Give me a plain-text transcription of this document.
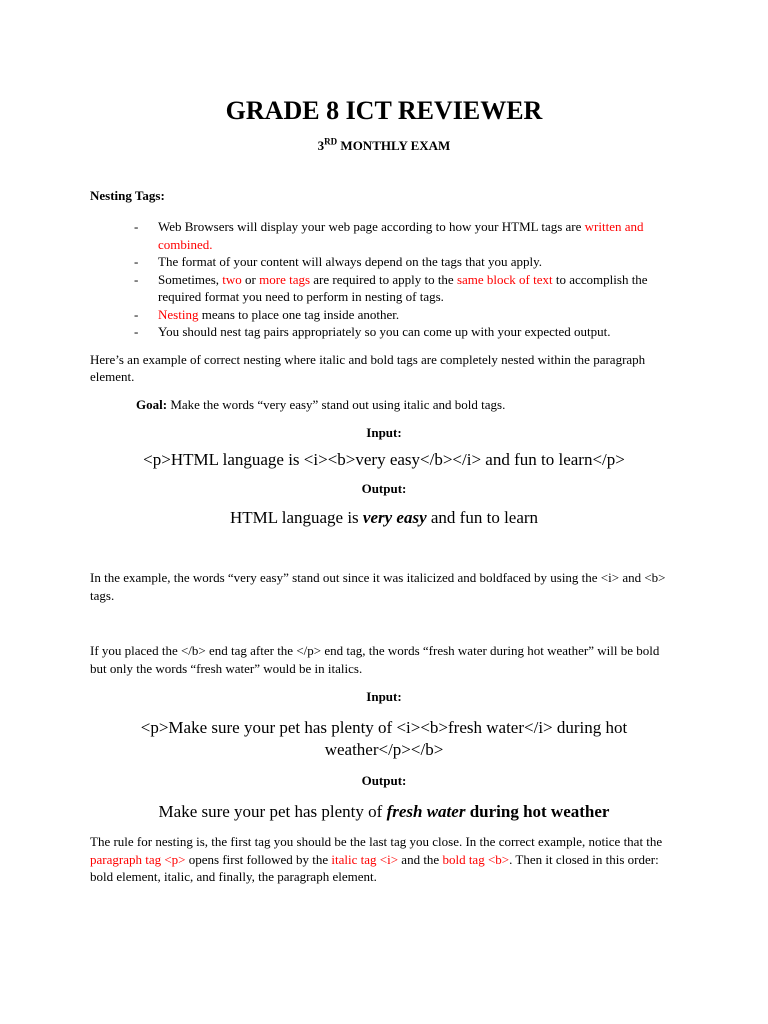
GRADE 8 ICT REVIEWER
3RD MONTHLY EXAM
Nesting Tags:
- Web Browsers will display your web page according to how your HTML tags are written and combined.
- The format of your content will always depend on the tags that you apply.
- Sometimes, two or more tags are required to apply to the same block of text to accomplish the required format you need to perform in nesting of tags.
- Nesting means to place one tag inside another.
- You should nest tag pairs appropriately so you can come up with your expected output.
Here’s an example of correct nesting where italic and bold tags are completely nested within the paragraph element.
Goal: Make the words “very easy” stand out using italic and bold tags.
Input:
<p>HTML language is <i><b>very easy</b></i> and fun to learn</p>
Output:
HTML language is very easy and fun to learn
In the example, the words “very easy” stand out since it was italicized and boldfaced by using the <i> and <b> tags.
If you placed the </b> end tag after the </p> end tag, the words “fresh water during hot weather” will be bold but only the words “fresh water” would be in italics.
Input:
<p>Make sure your pet has plenty of <i><b>fresh water</i> during hot weather</p></b>
Output:
Make sure your pet has plenty of fresh water during hot weather
The rule for nesting is, the first tag you should be the last tag you close. In the correct example, notice that the paragraph tag <p> opens first followed by the italic tag <i> and the bold tag <b>. Then it closed in this order: bold element, italic, and finally, the paragraph element.
